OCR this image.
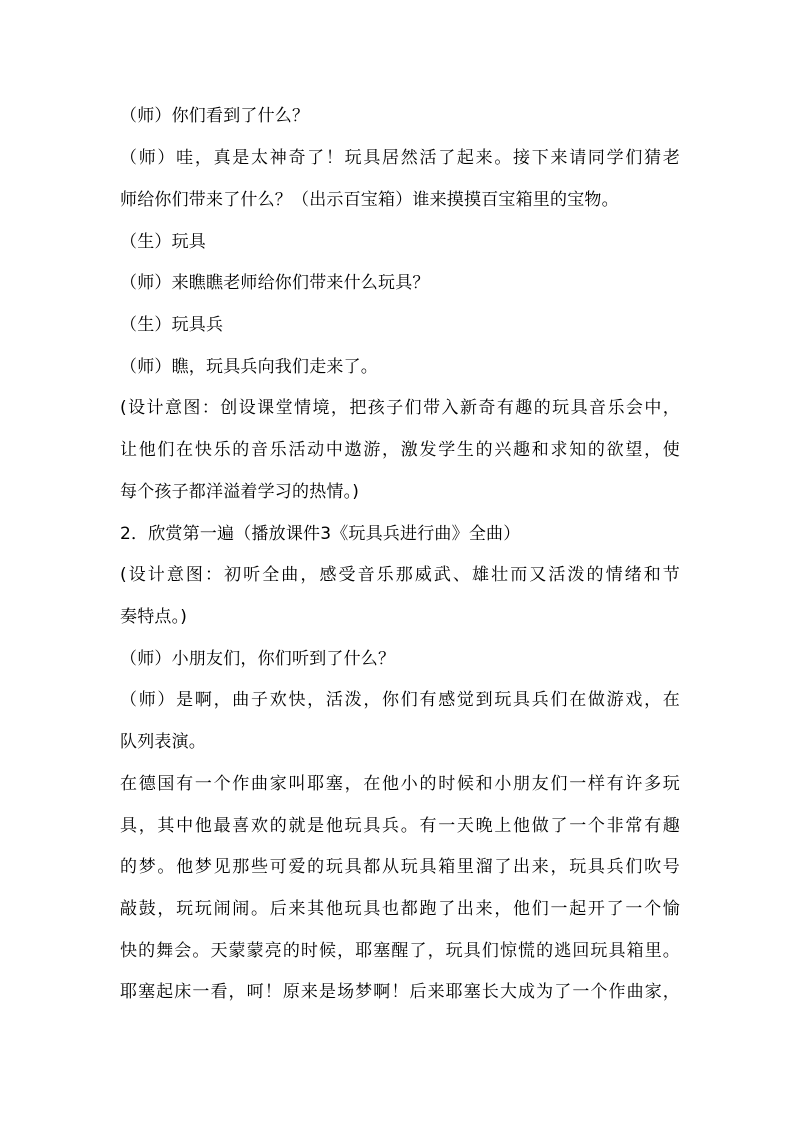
（师）你们看到了什么？
（师）哇，真是太神奇了！玩具居然活了起来。接下来请同学们猜老
师给你们带来了什么？（出示百宝箱）谁来摸摸百宝箱里的宝物。
（生）玩具
（师）来瞧瞧老师给你们带来什么玩具？
（生）玩具兵
（师）瞧，玩具兵向我们走来了。
(设计意图：创设课堂情境，把孩子们带入新奇有趣的玩具音乐会中，
让他们在快乐的音乐活动中遨游，激发学生的兴趣和求知的欲望，使
每个孩子都洋溢着学习的热情。)
2．欣赏第一遍（播放课件3《玩具兵进行曲》全曲）
(设计意图：初听全曲，感受音乐那威武、雄壮而又活泼的情绪和节
奏特点。)
（师）小朋友们，你们听到了什么？
（师）是啊，曲子欢快，活泼，你们有感觉到玩具兵们在做游戏，在
队列表演。
在德国有一个作曲家叫耶塞，在他小的时候和小朋友们一样有许多玩
具，其中他最喜欢的就是他玩具兵。有一天晚上他做了一个非常有趣
的梦。他梦见那些可爱的玩具都从玩具箱里溜了出来，玩具兵们吹号
敲鼓，玩玩闹闹。后来其他玩具也都跑了出来，他们一起开了一个愉
快的舞会。天蒙蒙亮的时候，耶塞醒了，玩具们惊慌的逃回玩具箱里。
耶塞起床一看，呵！原来是场梦啊！后来耶塞长大成为了一个作曲家，
